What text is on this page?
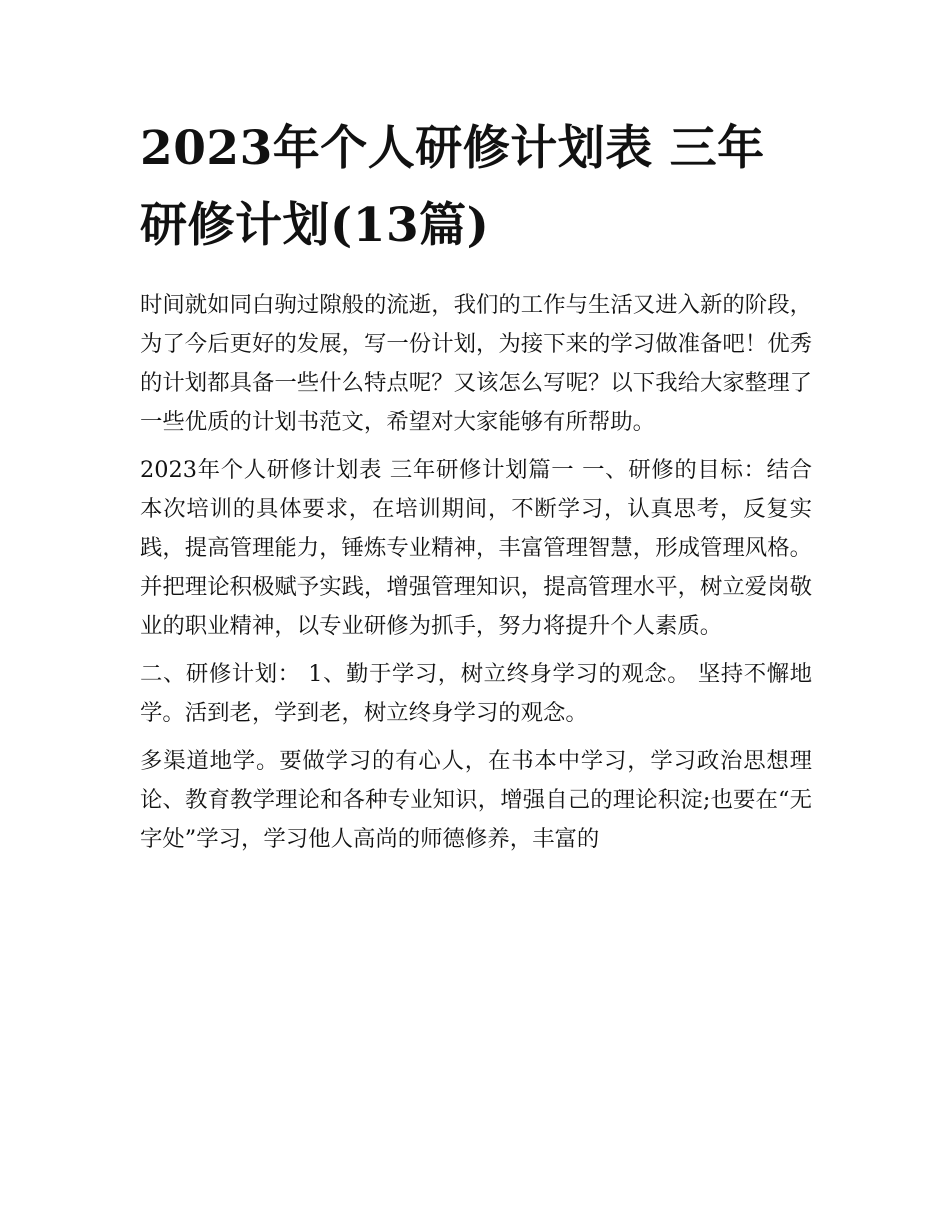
2023年个人研修计划表 三年研修计划(13篇)

时间就如同白驹过隙般的流逝，我们的工作与生活又进入新的阶段，为了今后更好的发展，写一份计划，为接下来的学习做准备吧！优秀的计划都具备一些什么特点呢？又该怎么写呢？以下我给大家整理了一些优质的计划书范文，希望对大家能够有所帮助。

2023年个人研修计划表 三年研修计划篇一 一、研修的目标：结合本次培训的具体要求，在培训期间，不断学习，认真思考，反复实践，提高管理能力，锤炼专业精神，丰富管理智慧，形成管理风格。并把理论积极赋予实践，增强管理知识，提高管理水平，树立爱岗敬业的职业精神，以专业研修为抓手，努力将提升个人素质。

二、研修计划： 1、勤于学习，树立终身学习的观念。 坚持不懈地学。活到老，学到老，树立终身学习的观念。

多渠道地学。要做学习的有心人，在书本中学习，学习政治思想理论、教育教学理论和各种专业知识，增强自己的理论积淀;也要在“无字处”学习，学习他人高尚的师德修养，丰富的
